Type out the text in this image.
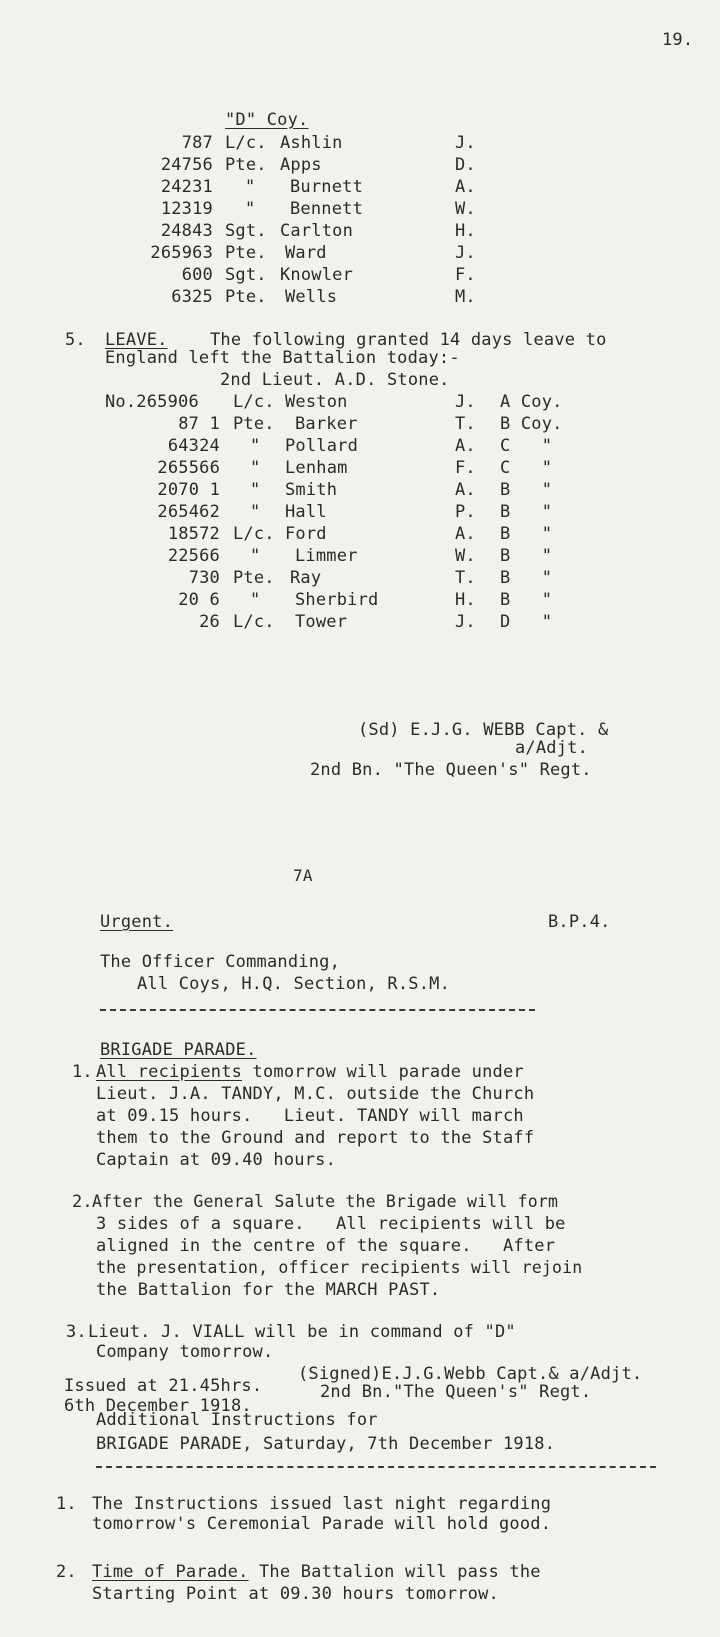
19.
"D" Coy.
787 L/c. Ashlin	J.
24756 Pte. Apps	D.
24231 " Burnett	A.
12319 " Bennett	W.
24843 Sgt. Carlton	H.
265963 Pte. Ward	J.
600 Sgt. Knowler	F.
6325 Pte. Wells	M.
5. LEAVE. The following granted 14 days leave to
England left the Battalion today:-
2nd Lieut. A.D. Stone.
No.265906 L/c. Weston	J. A Coy.
87 1 Pte. Barker	T. B Coy.
64324 " Pollard	A. C   "
265566 " Lenham	F. C   "
2070 1 " Smith	A. B   "
265462 " Hall	P. B   "
18572 L/c. Ford	A. B   "
22566 " Limmer	W. B   "
730 Pte. Ray	T. B   "
20 6 " Sherbird	H. B   "
26 L/c. Tower	J. D   "
(Sd) E.J.G. WEBB Capt. &
a/Adjt.
2nd Bn. "The Queen's" Regt.
7A
Urgent.	B.P.4.
The Officer Commanding,
All Coys, H.Q. Section, R.S.M.
BRIGADE PARADE.
1. All recipients tomorrow will parade under
Lieut. J.A. TANDY, M.C. outside the Church
at 09.15 hours.   Lieut. TANDY will march
them to the Ground and report to the Staff
Captain at 09.40 hours.
2. After the General Salute the Brigade will form
3 sides of a square.   All recipients will be
aligned in the centre of the square.   After
the presentation, officer recipients will rejoin
the Battalion for the MARCH PAST.
3. Lieut. J. VIALL will be in command of "D"
Company tomorrow.
(Signed)E.J.G.Webb Capt.& a/Adjt.
2nd Bn."The Queen's" Regt.
Issued at 21.45hrs.
6th December 1918.
Additional Instructions for
BRIGADE PARADE, Saturday, 7th December 1918.
1. The Instructions issued last night regarding
tomorrow's Ceremonial Parade will hold good.
2. Time of Parade. The Battalion will pass the
Starting Point at 09.30 hours tomorrow.
